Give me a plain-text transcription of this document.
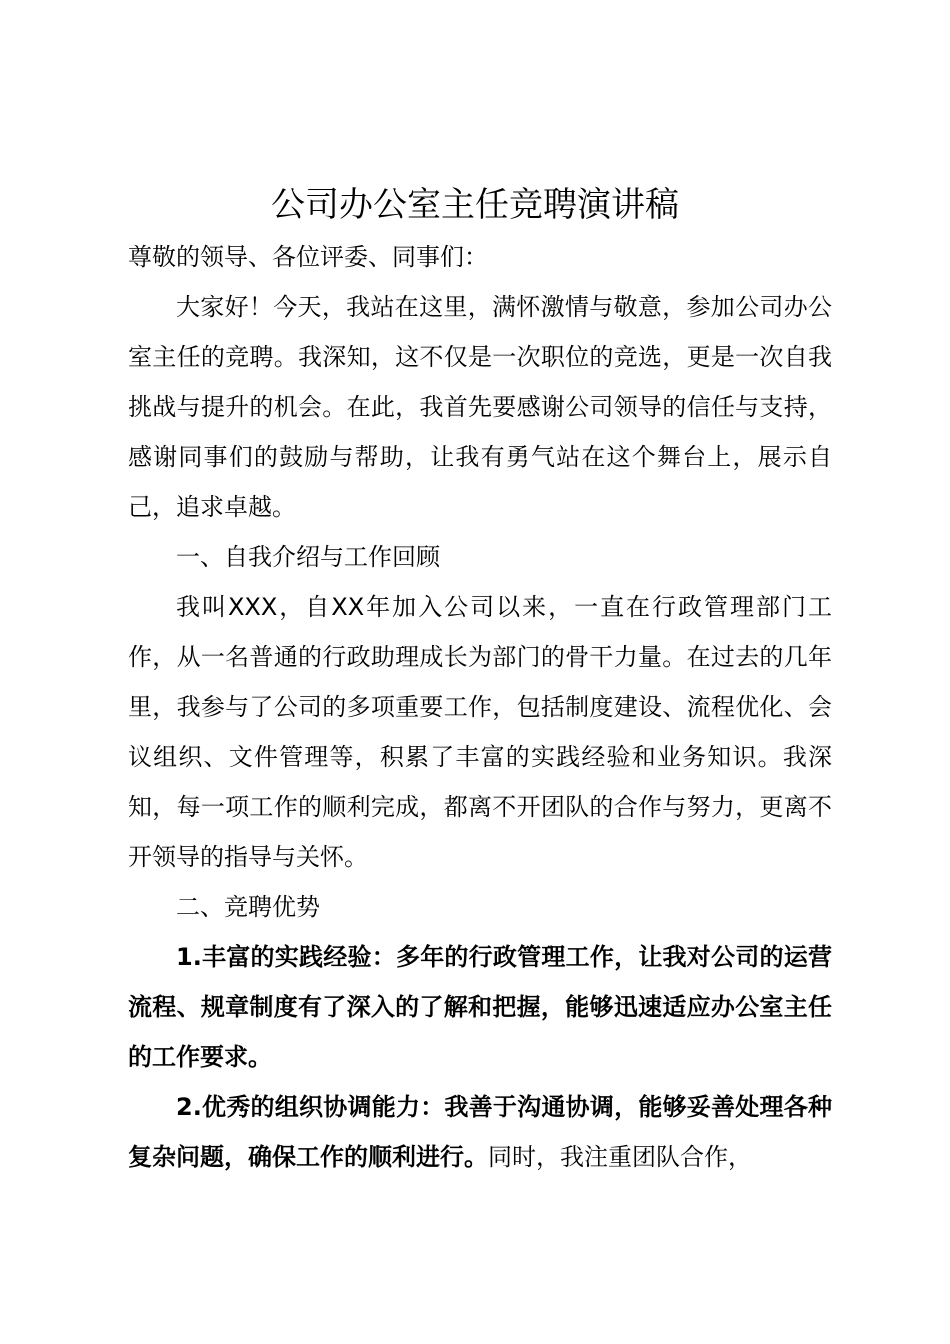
公司办公室主任竞聘演讲稿

尊敬的领导、各位评委、同事们：

大家好！今天，我站在这里，满怀激情与敬意，参加公司办公室主任的竞聘。我深知，这不仅是一次职位的竞选，更是一次自我挑战与提升的机会。在此，我首先要感谢公司领导的信任与支持，感谢同事们的鼓励与帮助，让我有勇气站在这个舞台上，展示自己，追求卓越。

一、自我介绍与工作回顾

我叫XXX，自XX年加入公司以来，一直在行政管理部门工作，从一名普通的行政助理成长为部门的骨干力量。在过去的几年里，我参与了公司的多项重要工作，包括制度建设、流程优化、会议组织、文件管理等，积累了丰富的实践经验和业务知识。我深知，每一项工作的顺利完成，都离不开团队的合作与努力，更离不开领导的指导与关怀。

二、竞聘优势

1.丰富的实践经验：多年的行政管理工作，让我对公司的运营流程、规章制度有了深入的了解和把握，能够迅速适应办公室主任的工作要求。

2.优秀的组织协调能力：我善于沟通协调，能够妥善处理各种复杂问题，确保工作的顺利进行。同时，我注重团队合作，
